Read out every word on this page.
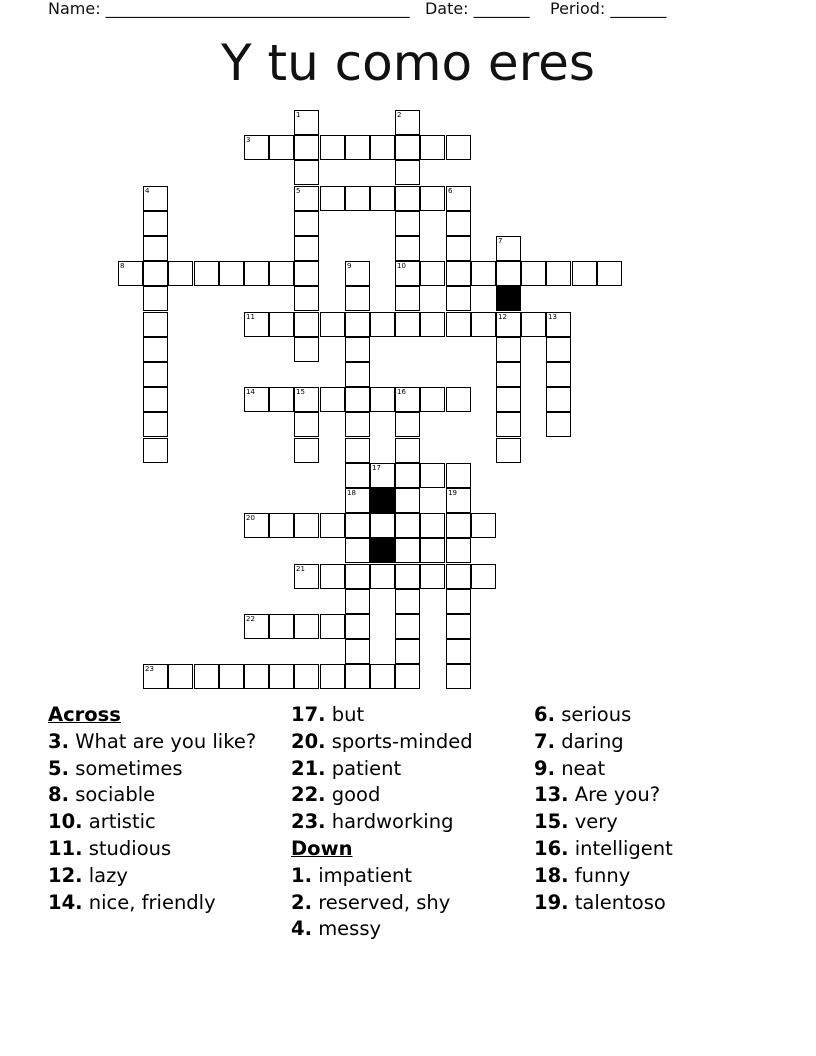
Name: ______________________________________   Date: _______    Period: _______
Y tu como eres
1
5
2
10
3
4	6
7
12
8	9
18
11	13
14	15	16
17
19
20
21
22
23
Across
3. What are you like?
5. sometimes
8. sociable
10. artistic
11. studious
12. lazy
14. nice, friendly
17. but
20. sports-minded
21. patient
22. good
23. hardworking
Down
1. impatient
2. reserved, shy
4. messy
6. serious
7. daring
9. neat
13. Are you?
15. very
16. intelligent
18. funny
19. talentoso
